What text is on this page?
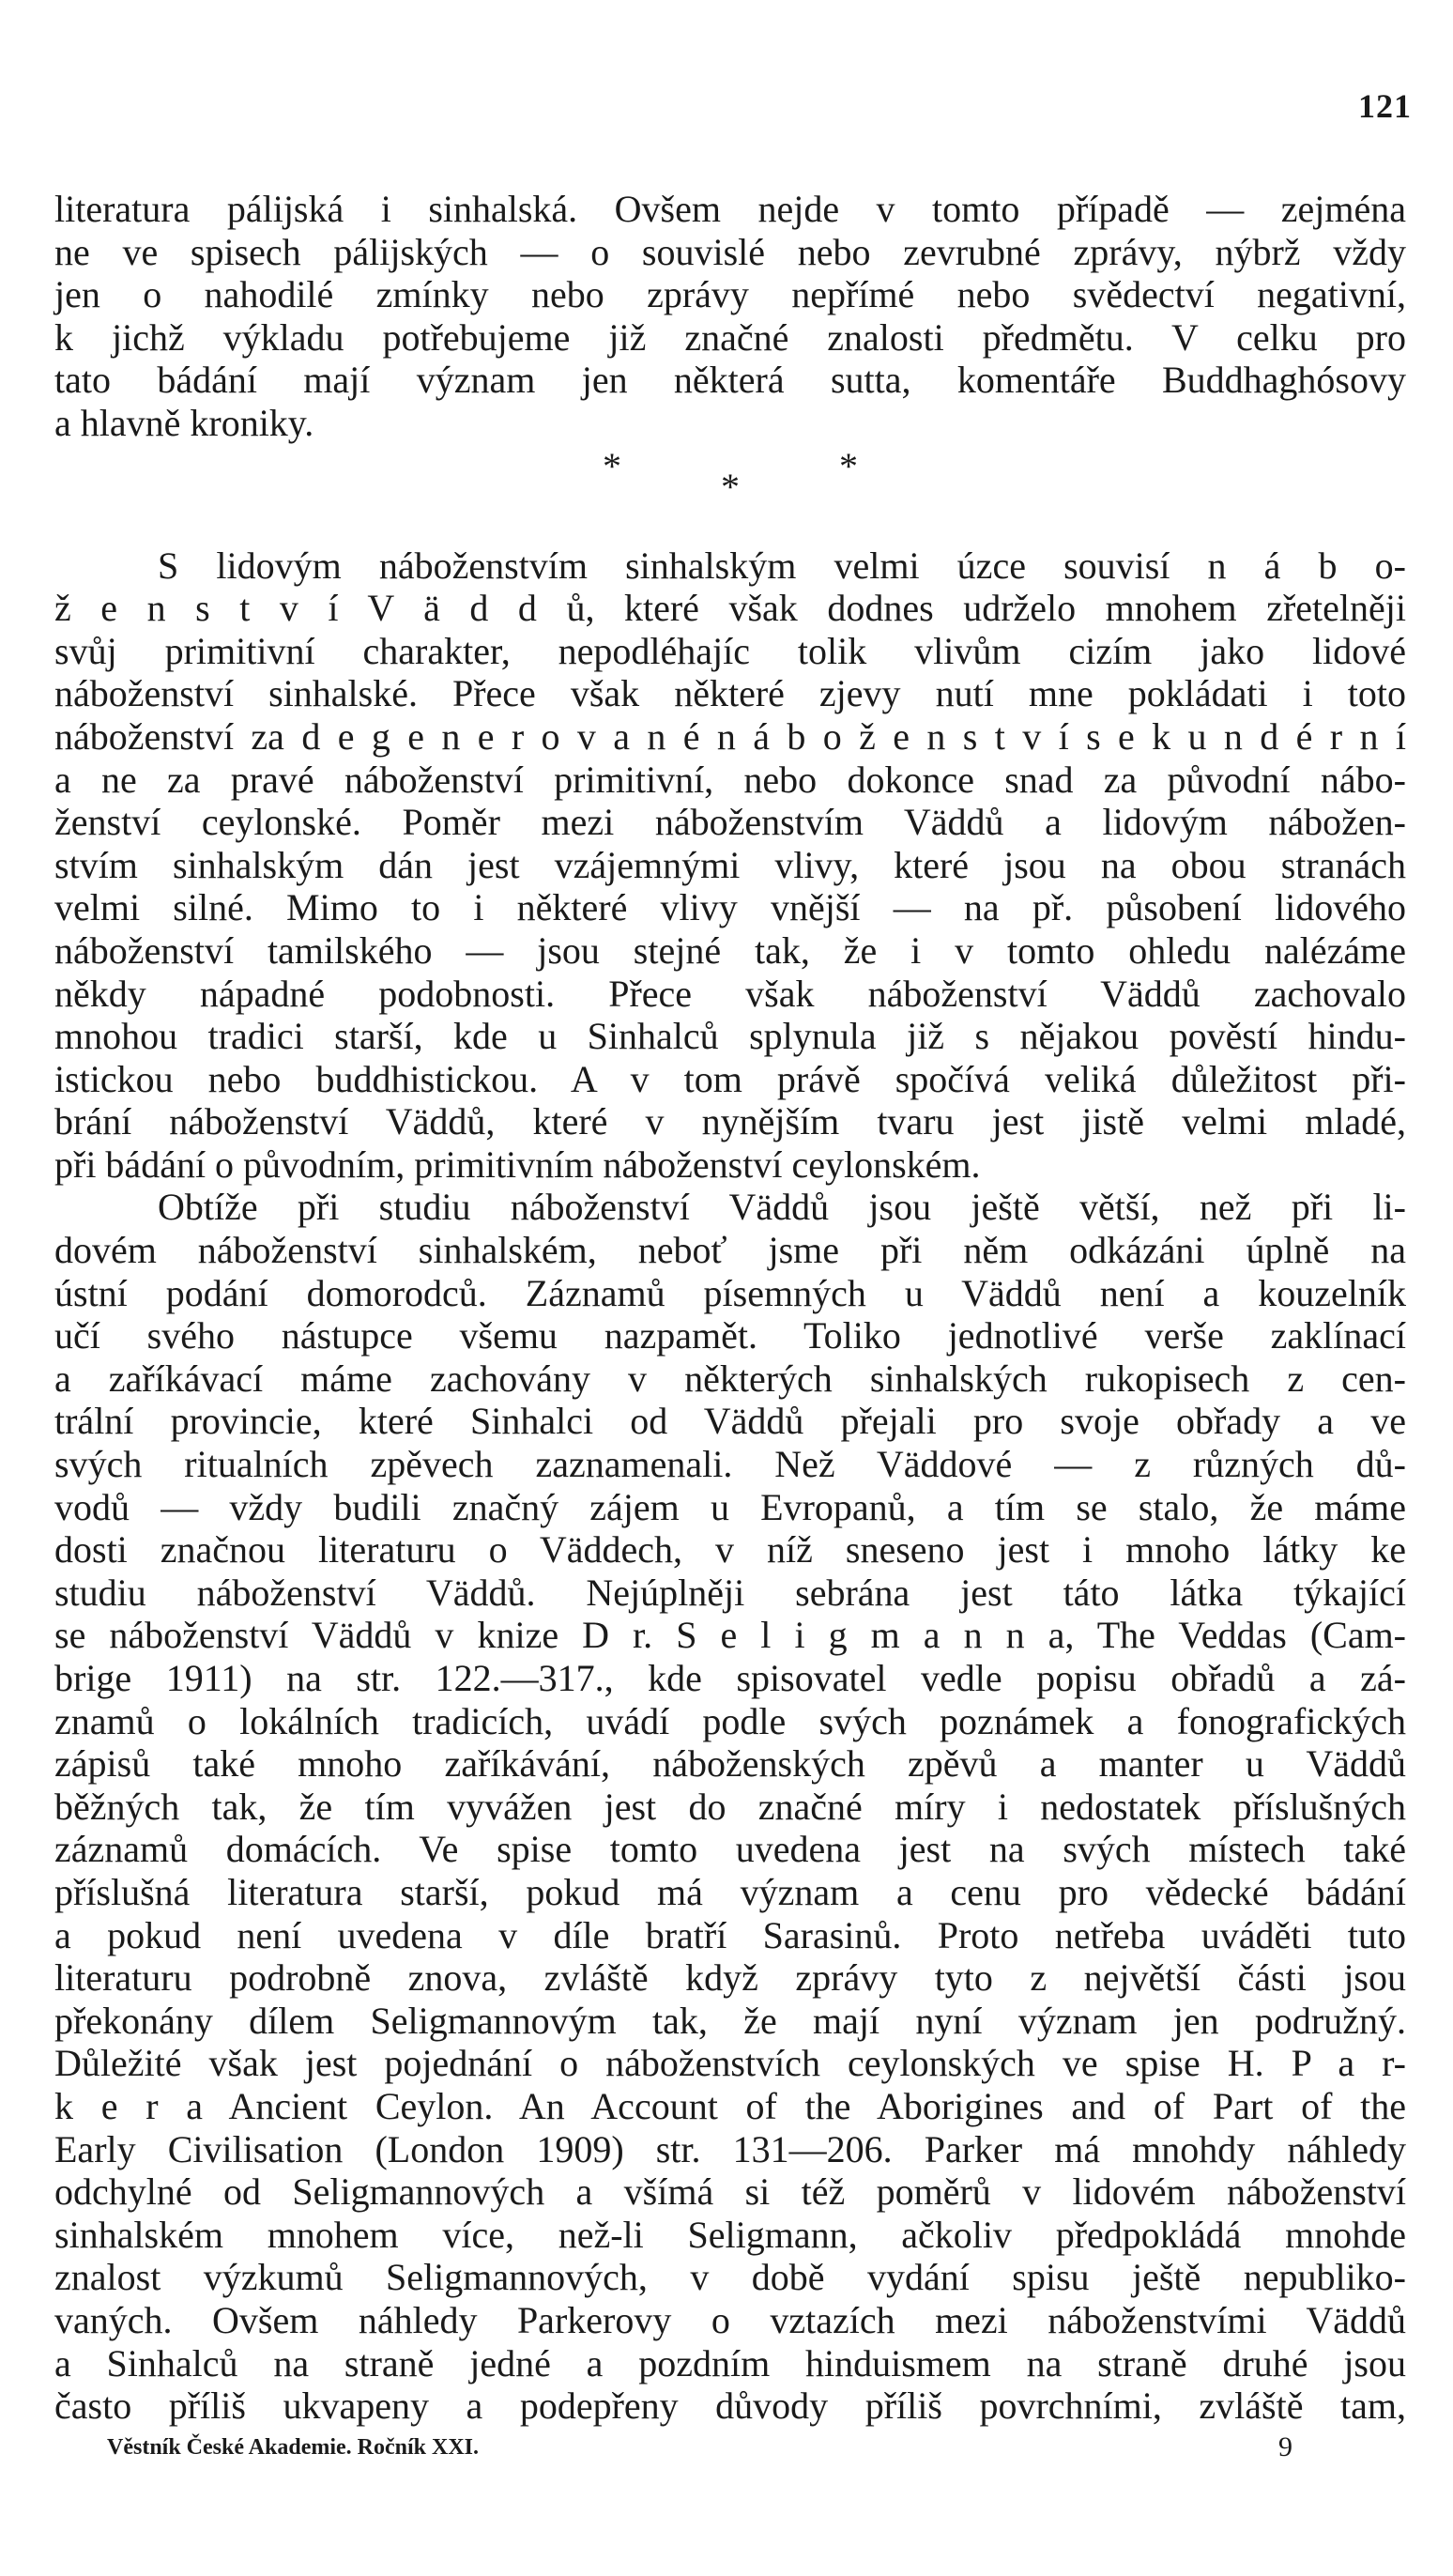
121
literatura pálijská i sinhalská. Ovšem nejde v tomto případě — zejména
ne ve spisech pálijských — o souvislé nebo zevrubné zprávy, nýbrž vždy
jen o nahodilé zmínky nebo zprávy nepřímé nebo svědectví negativní,
k jichž výkladu potřebujeme již značné znalosti předmětu. V celku pro
tato bádání mají význam jen některá sutta, komentáře Buddhaghósovy
a hlavně kroniky.
*	*	*
S lidovým náboženstvím sinhalským velmi úzce souvisí n á b o-
ž e n s t v í V ä d d ů, které však dodnes udrželo mnohem zřetelněji
svůj primitivní charakter, nepodléhajíc tolik vlivům cizím jako lidové
náboženství sinhalské. Přece však některé zjevy nutí mne pokládati i toto
náboženství za d e g e n e r o v a n é n á b o ž e n s t v í s e k u n d é r n í
a ne za pravé náboženství primitivní, nebo dokonce snad za původní nábo-
ženství ceylonské. Poměr mezi náboženstvím Väddů a lidovým nábožen-
stvím sinhalským dán jest vzájemnými vlivy, které jsou na obou stranách
velmi silné. Mimo to i některé vlivy vnější — na př. působení lidového
náboženství tamilského — jsou stejné tak, že i v tomto ohledu nalézáme
někdy nápadné podobnosti. Přece však náboženství Väddů zachovalo
mnohou tradici starší, kde u Sinhalců splynula již s nějakou pověstí hindu-
istickou nebo buddhistickou. A v tom právě spočívá veliká důležitost při-
brání náboženství Väddů, které v nynějším tvaru jest jistě velmi mladé,
při bádání o původním, primitivním náboženství ceylonském.
Obtíže při studiu náboženství Väddů jsou ještě větší, než při li-
dovém náboženství sinhalském, neboť jsme při něm odkázáni úplně na
ústní podání domorodců. Záznamů písemných u Väddů není a kouzelník
učí svého nástupce všemu nazpamět. Toliko jednotlivé verše zaklínací
a zaříkávací máme zachovány v některých sinhalských rukopisech z cen-
trální provincie, které Sinhalci od Väddů přejali pro svoje obřady a ve
svých ritualních zpěvech zaznamenali. Než Väddové — z různých dů-
vodů — vždy budili značný zájem u Evropanů, a tím se stalo, že máme
dosti značnou literaturu o Väddech, v níž sneseno jest i mnoho látky ke
studiu náboženství Väddů. Nejúplněji sebrána jest táto látka týkající
se náboženství Väddů v knize D r. S e l i g m a n n a, The Veddas (Cam-
brige 1911) na str. 122.—317., kde spisovatel vedle popisu obřadů a zá-
znamů o lokálních tradicích, uvádí podle svých poznámek a fonografických
zápisů také mnoho zaříkávání, náboženských zpěvů a manter u Väddů
běžných tak, že tím vyvážen jest do značné míry i nedostatek příslušných
záznamů domácích. Ve spise tomto uvedena jest na svých místech také
příslušná literatura starší, pokud má význam a cenu pro vědecké bádání
a pokud není uvedena v díle bratří Sarasinů. Proto netřeba uváděti tuto
literaturu podrobně znova, zvláště když zprávy tyto z největší části jsou
překonány dílem Seligmannovým tak, že mají nyní význam jen podružný.
Důležité však jest pojednání o náboženstvích ceylonských ve spise H. P a r-
k e r a Ancient Ceylon. An Account of the Aborigines and of Part of the
Early Civilisation (London 1909) str. 131—206. Parker má mnohdy náhledy
odchylné od Seligmannových a všímá si též poměrů v lidovém náboženství
sinhalském mnohem více, než-li Seligmann, ačkoliv předpokládá mnohde
znalost výzkumů Seligmannových, v době vydání spisu ještě nepubliko-
vaných. Ovšem náhledy Parkerovy o vztazích mezi náboženstvími Väddů
a Sinhalců na straně jedné a pozdním hinduismem na straně druhé jsou
často příliš ukvapeny a podepřeny důvody příliš povrchními, zvláště tam,
Věstník České Akademie. Ročník XXI.	9
